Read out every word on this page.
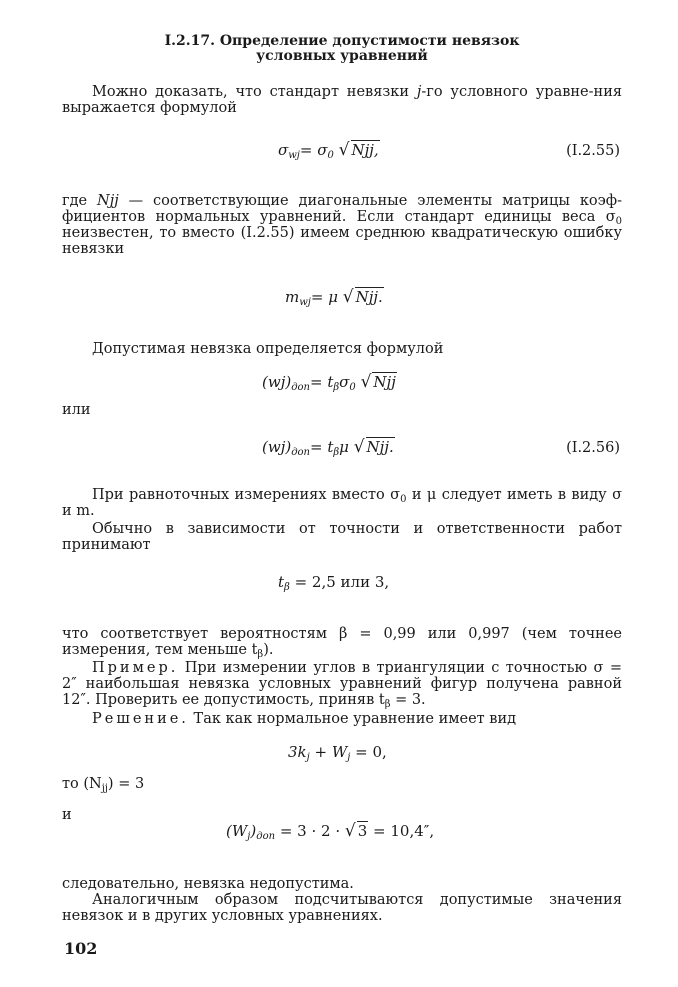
I.2.17. Определение допустимости невязок
условных уравнений
Можно доказать, что стандарт невязки j-го условного уравне-ния выражается формулой
$\sigma_{wj}= \sigma_0$ √ Njj,	(I.2.55)
где Njj — соответствующие диагональные элементы матрицы коэф-фициентов нормальных уравнений. Если стандарт единицы веса $\sigma_0$ неизвестен, то вместо (I.2.55) имеем среднюю квадратическую ошибку невязки
$m_{wj}= \mu$ √ Njj.
Допустимая невязка определяется формулой
$(wj)_{доп}= t_\beta\sigma_0$ √ Njj
или
$(wj)_{доп}= t_\beta\mu$ √ Njj.	(I.2.56)
При равноточных измерениях вместо $\sigma_0$ и μ следует иметь в виду σ и m.
Обычно в зависимости от точности и ответственности работ принимают
$t_\beta = 2,5$ или 3,
что соответствует вероятностям β = 0,99 или 0,997 (чем точнее измерения, тем меньше $t_\beta$).
Пример. При измерении углов в триангуляции с точностью σ = 2″ наибольшая невязка условных уравнений фигур получена равной 12″. Проверить ее допустимость, приняв $t_\beta = 3$.
Решение. Так как нормальное уравнение имеет вид
$3k_j + W_j = 0$,
то $(N_{jj}) = 3$
и
$(W_j)_{доп} = 3 \cdot 2$ · √ 3 = 10,4″,
следовательно, невязка недопустима.
Аналогичным образом подсчитываются допустимые значения невязок и в других условных уравнениях.
102
